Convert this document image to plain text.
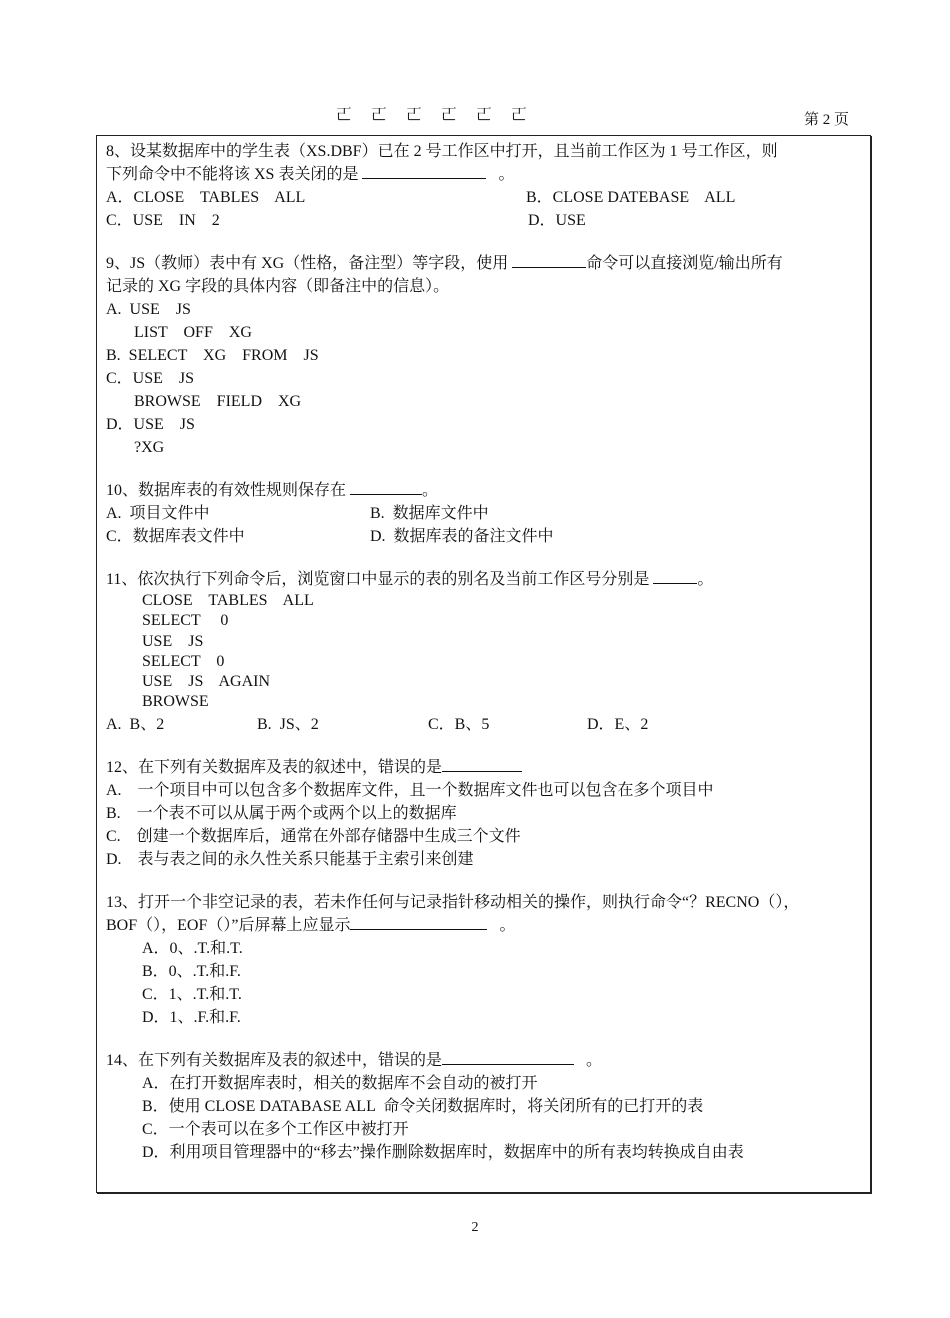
𠀀𠀀𠀀𠀀𠀀𠀀	第 2 页
8、设某数据库中的学生表（XS.DBF）已在 2 号工作区中打开，且当前工作区为 1 号工作区，则
下列命令中不能将该 XS 表关闭的是	。
A．CLOSE    TABLES    ALL	B．CLOSE DATEBASE    ALL
C．USE    IN    2	D．USE
9、JS（教师）表中有 XG（性格，备注型）等字段，使用	命令可以直接浏览/输出所有
记录的 XG 字段的具体内容（即备注中的信息）。
A.  USE    JS
LIST    OFF    XG
B.  SELECT    XG    FROM    JS
C．USE    JS
BROWSE    FIELD    XG
D．USE    JS
?XG
10、数据库表的有效性规则保存在	。
A.  项目文件中	B.  数据库文件中
C．数据库表文件中	D.  数据库表的备注文件中
11、依次执行下列命令后，浏览窗口中显示的表的别名及当前工作区号分别是	。
CLOSE    TABLES    ALL
SELECT     0
USE    JS
SELECT    0
USE    JS    AGAIN
BROWSE
A.  B、2	B.  JS、2	C．B、5	D．E、2
12、在下列有关数据库及表的叙述中，错误的是
A.    一个项目中可以包含多个数据库文件，且一个数据库文件也可以包含在多个项目中
B.    一个表不可以从属于两个或两个以上的数据库
C.    创建一个数据库后，通常在外部存储器中生成三个文件
D.    表与表之间的永久性关系只能基于主索引来创建
13、打开一个非空记录的表，若未作任何与记录指针移动相关的操作，则执行命令“？RECNO（），
BOF（），EOF（）”后屏幕上应显示	。
A．0、.T.和.T.
B．0、.T.和.F.
C．1、.T.和.T.
D．1、.F.和.F.
14、在下列有关数据库及表的叙述中，错误的是	。
A．在打开数据库表时，相关的数据库不会自动的被打开
B．使用 CLOSE DATABASE ALL  命令关闭数据库时，将关闭所有的已打开的表
C．一个表可以在多个工作区中被打开
D．利用项目管理器中的“移去”操作删除数据库时，数据库中的所有表均转换成自由表
2
